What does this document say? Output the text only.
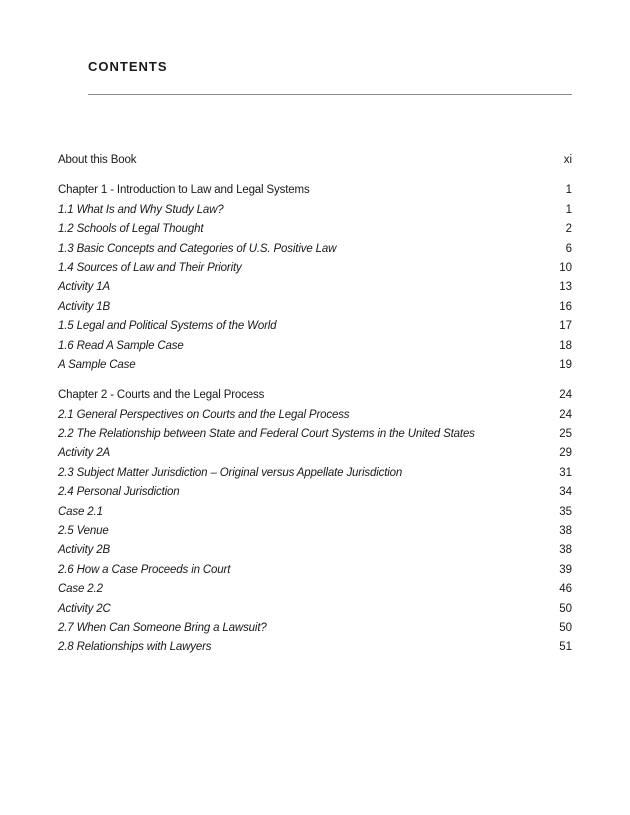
CONTENTS
About this Book	xi
Chapter 1 - Introduction to Law and Legal Systems	1
1.1 What Is and Why Study Law?	1
1.2 Schools of Legal Thought	2
1.3 Basic Concepts and Categories of U.S. Positive Law	6
1.4 Sources of Law and Their Priority	10
Activity 1A	13
Activity 1B	16
1.5 Legal and Political Systems of the World	17
1.6 Read A Sample Case	18
A Sample Case	19
Chapter 2 - Courts and the Legal Process	24
2.1 General Perspectives on Courts and the Legal Process	24
2.2 The Relationship between State and Federal Court Systems in the United States	25
Activity 2A	29
2.3 Subject Matter Jurisdiction – Original versus Appellate Jurisdiction	31
2.4 Personal Jurisdiction	34
Case 2.1	35
2.5 Venue	38
Activity 2B	38
2.6 How a Case Proceeds in Court	39
Case 2.2	46
Activity 2C	50
2.7 When Can Someone Bring a Lawsuit?	50
2.8 Relationships with Lawyers	51
